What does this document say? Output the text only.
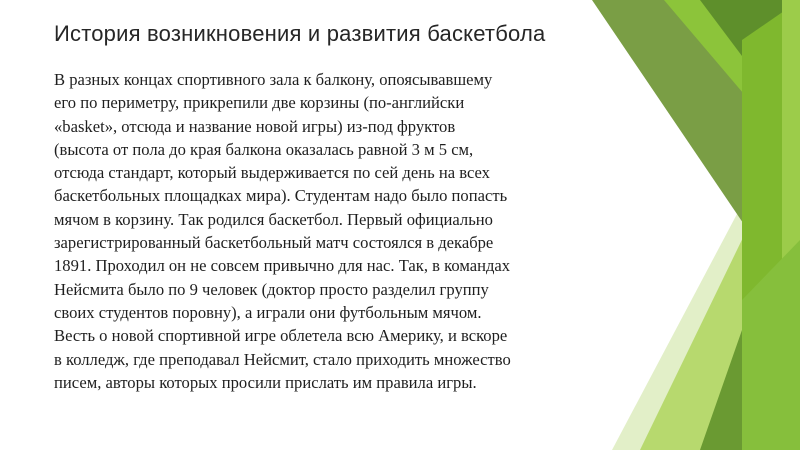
История возникновения и развития баскетбола
В разных концах спортивного зала к балкону, опоясывавшему
его по периметру, прикрепили две корзины (по-английски
«basket», отсюда и название новой игры) из-под фруктов
(высота от пола до края балкона оказалась равной 3 м 5 см,
отсюда стандарт, который выдерживается по сей день на всех
баскетбольных площадках мира). Студентам надо было попасть
мячом в корзину. Так родился баскетбол. Первый официально
зарегистрированный баскетбольный матч состоялся в декабре
1891. Проходил он не совсем привычно для нас. Так, в командах
Нейсмита было по 9 человек (доктор просто разделил группу
своих студентов поровну), а играли они футбольным мячом.
Весть о новой спортивной игре облетела всю Америку, и вскоре
в колледж, где преподавал Нейсмит, стало приходить множество
писем, авторы которых просили прислать им правила игры.
